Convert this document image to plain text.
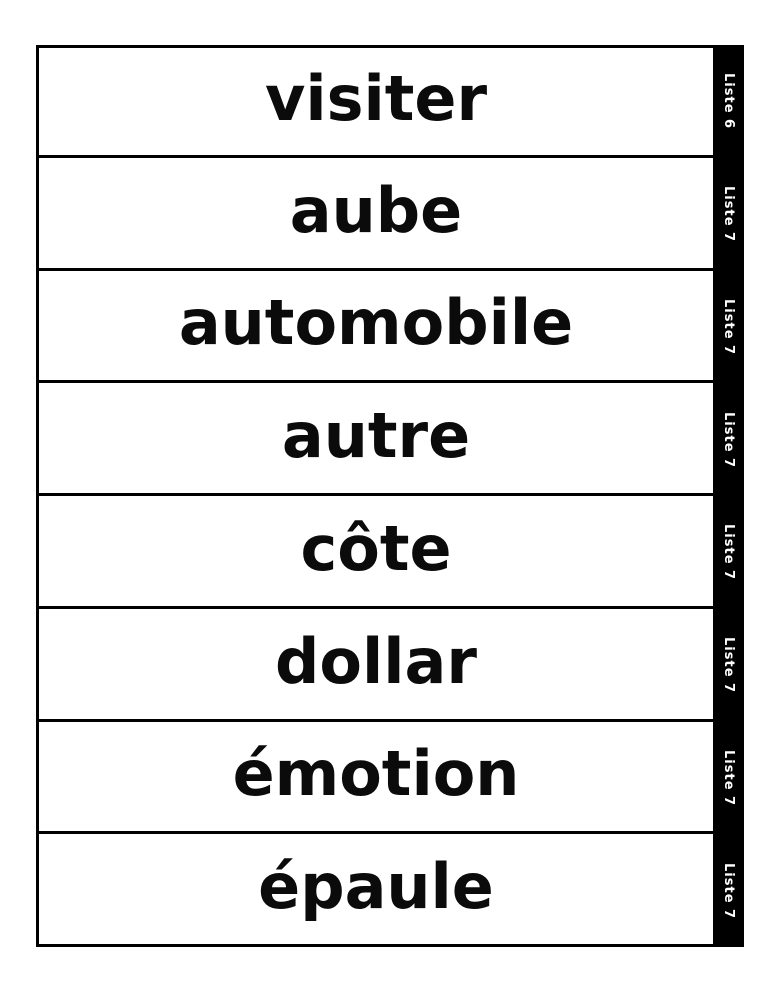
visiter	Liste 6
aube	Liste 7
automobile	Liste 7
autre	Liste 7
côte	Liste 7
dollar	Liste 7
émotion	Liste 7
épaule	Liste 7
